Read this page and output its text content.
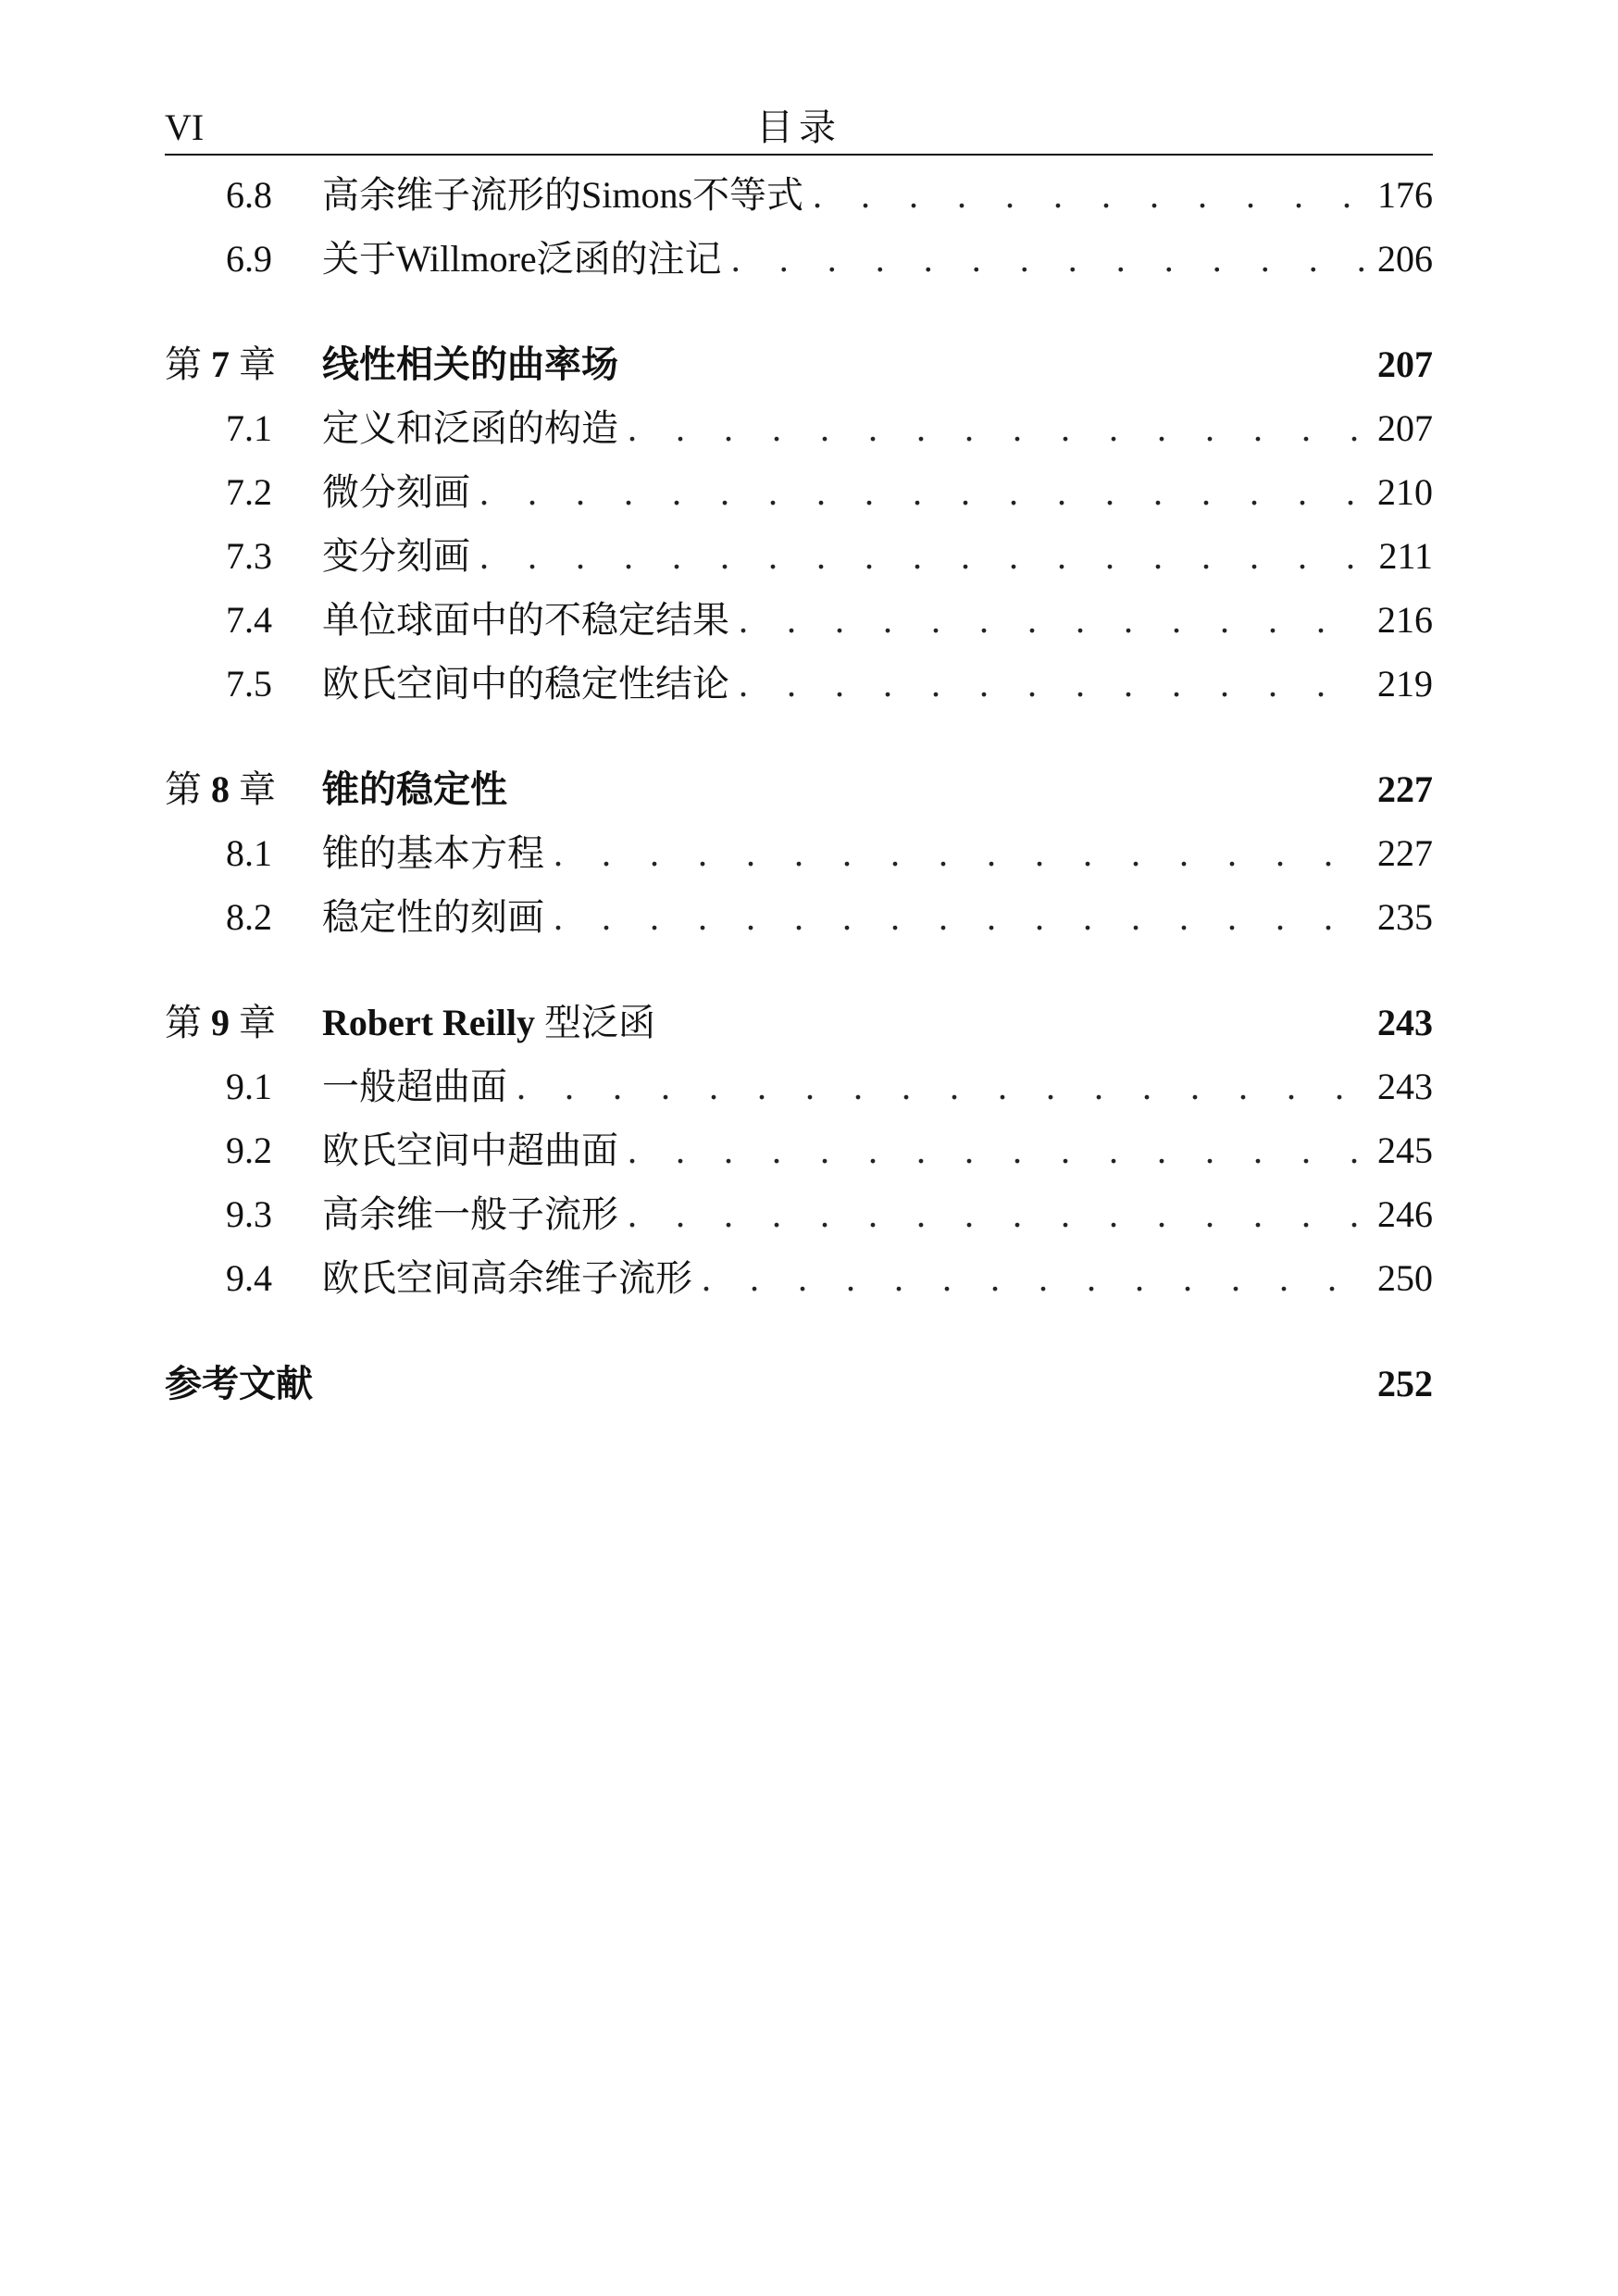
VI	目录
6.8	高余维子流形的Simons不等式 . . .	176
6.9	关于Willmore泛函的注记 . . .	206
第 7 章	线性相关的曲率场	207
7.1	定义和泛函的构造 . . .	207
7.2	微分刻画 . . .	210
7.3	变分刻画 . . .	211
7.4	单位球面中的不稳定结果 . . .	216
7.5	欧氏空间中的稳定性结论 . . .	219
第 8 章	锥的稳定性	227
8.1	锥的基本方程 . . .	227
8.2	稳定性的刻画 . . .	235
第 9 章	Robert Reilly 型泛函	243
9.1	一般超曲面 . . .	243
9.2	欧氏空间中超曲面 . . .	245
9.3	高余维一般子流形 . . .	246
9.4	欧氏空间高余维子流形 . . .	250
参考文献	252
